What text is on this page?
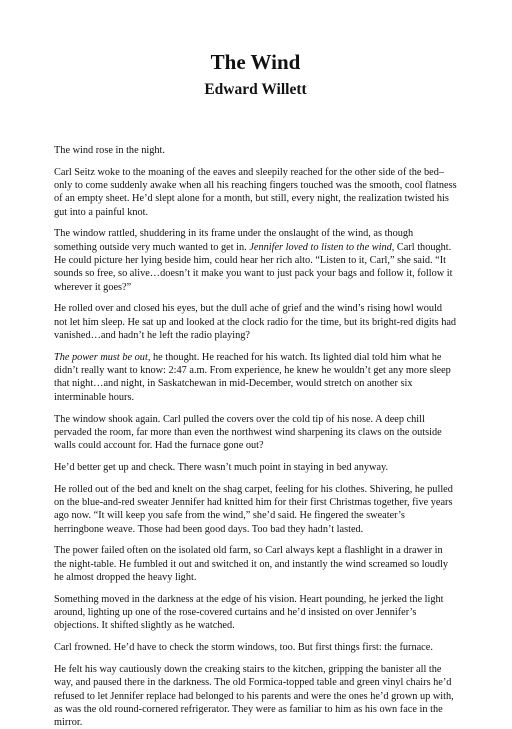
The Wind
Edward Willett

The wind rose in the night.

Carl Seitz woke to the moaning of the eaves and sleepily reached for the other side of the bed–only to come suddenly awake when all his reaching fingers touched was the smooth, cool flatness of an empty sheet. He’d slept alone for a month, but still, every night, the realization twisted his gut into a painful knot.

The window rattled, shuddering in its frame under the onslaught of the wind, as though something outside very much wanted to get in. Jennifer loved to listen to the wind, Carl thought. He could picture her lying beside him, could hear her rich alto. “Listen to it, Carl,” she said. “It sounds so free, so alive…doesn’t it make you want to just pack your bags and follow it, follow it wherever it goes?”

He rolled over and closed his eyes, but the dull ache of grief and the wind’s rising howl would not let him sleep. He sat up and looked at the clock radio for the time, but its bright-red digits had vanished…and hadn’t he left the radio playing?

The power must be out, he thought. He reached for his watch. Its lighted dial told him what he didn’t really want to know: 2:47 a.m. From experience, he knew he wouldn’t get any more sleep that night…and night, in Saskatchewan in mid-December, would stretch on another six interminable hours.

The window shook again. Carl pulled the covers over the cold tip of his nose. A deep chill pervaded the room, far more than even the northwest wind sharpening its claws on the outside walls could account for. Had the furnace gone out?

He’d better get up and check. There wasn’t much point in staying in bed anyway.

He rolled out of the bed and knelt on the shag carpet, feeling for his clothes. Shivering, he pulled on the blue-and-red sweater Jennifer had knitted him for their first Christmas together, five years ago now. “It will keep you safe from the wind,” she’d said. He fingered the sweater’s herringbone weave. Those had been good days. Too bad they hadn’t lasted.

The power failed often on the isolated old farm, so Carl always kept a flashlight in a drawer in the night-table. He fumbled it out and switched it on, and instantly the wind screamed so loudly he almost dropped the heavy light.

Something moved in the darkness at the edge of his vision. Heart pounding, he jerked the light around, lighting up one of the rose-covered curtains and he’d insisted on over Jennifer’s objections. It shifted slightly as he watched.

Carl frowned. He’d have to check the storm windows, too. But first things first: the furnace.

He felt his way cautiously down the creaking stairs to the kitchen, gripping the banister all the way, and paused there in the darkness. The old Formica-topped table and green vinyl chairs he’d refused to let Jennifer replace had belonged to his parents and were the ones he’d grown up with, as was the old round-cornered refrigerator. They were as familiar to him as his own face in the mirror.
